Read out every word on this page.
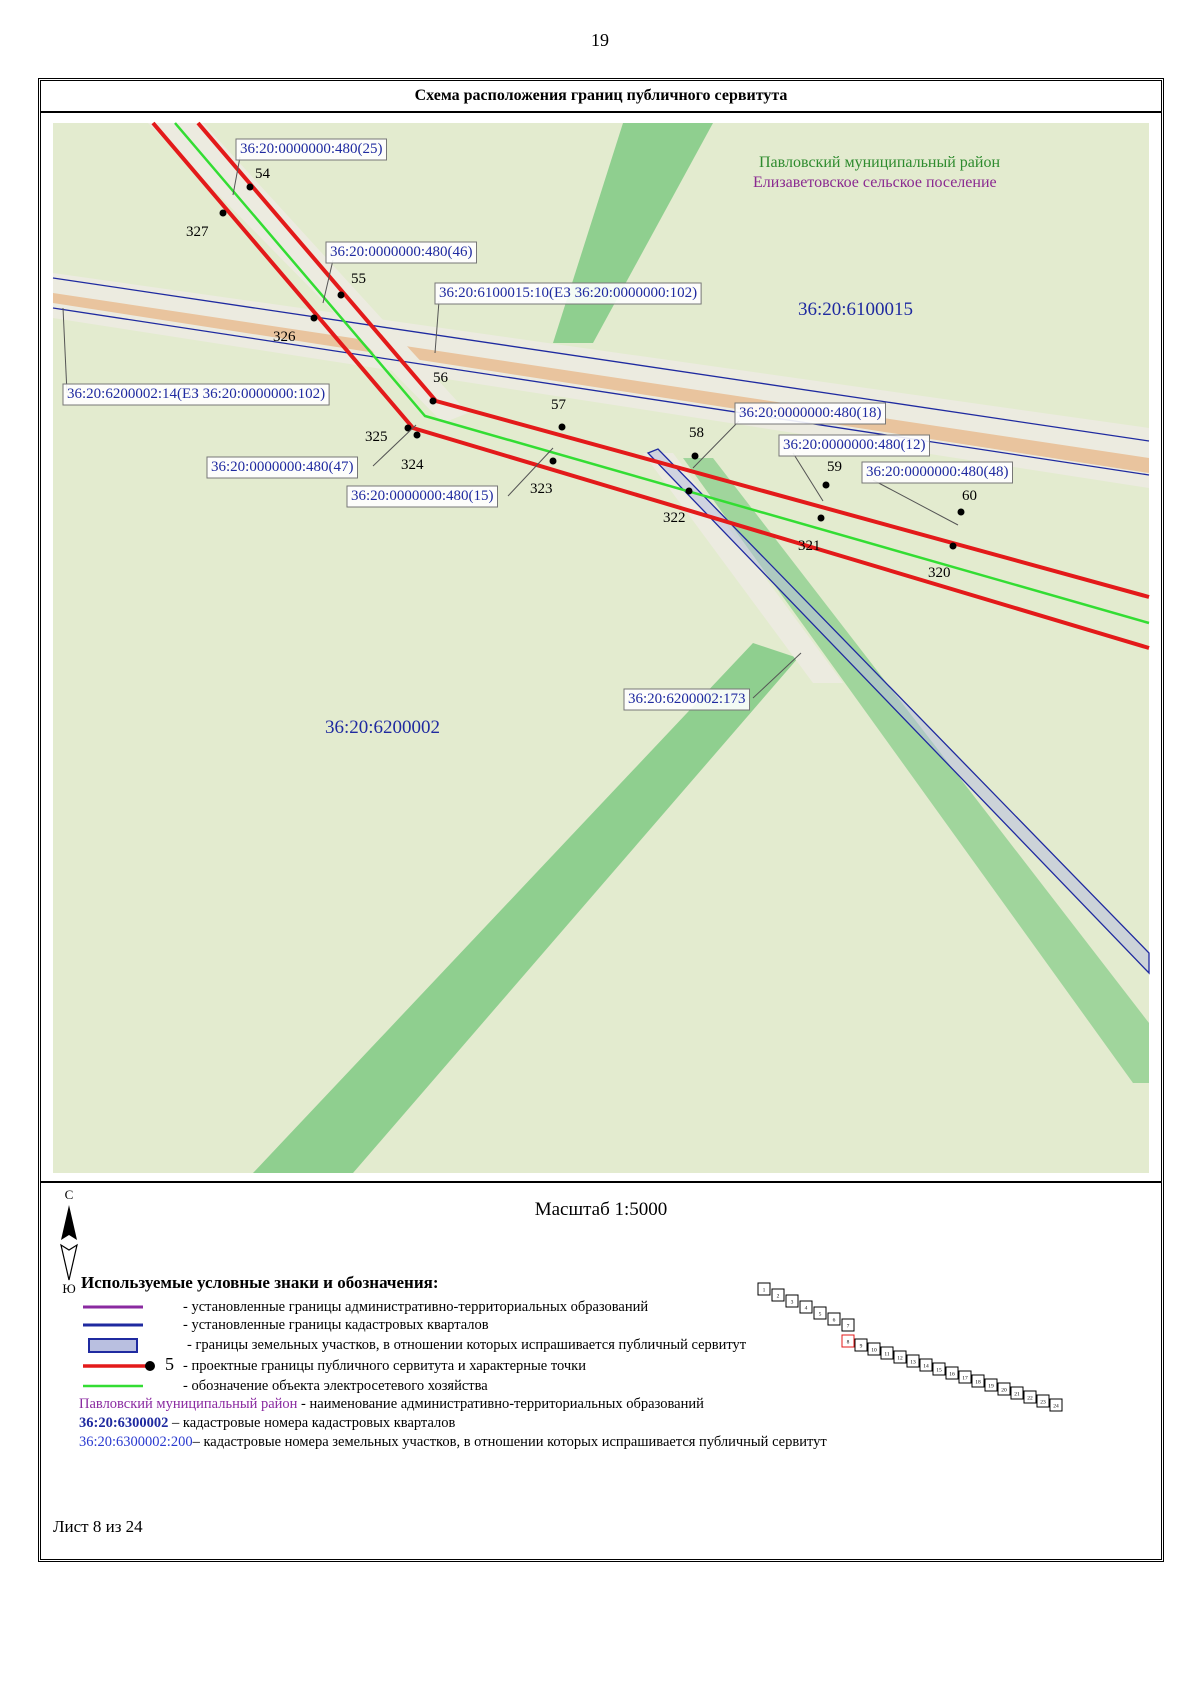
19
Схема расположения границ публичного сервитута
36:20:6100015
36:20:6200002
Павловский муниципальный район
Елизаветовское сельское поселение
36:20:0000000:480(25)
36:20:0000000:480(46)
36:20:6100015:10(ЕЗ 36:20:0000000:102)
36:20:6200002:14(ЕЗ 36:20:0000000:102)
36:20:0000000:480(47)
36:20:0000000:480(15)
36:20:0000000:480(18)
36:20:0000000:480(12)
36:20:0000000:480(48)
36:20:6200002:173
54
55
56
57
58
59
60
327
326
325
324
323
322
321
320
Масштаб 1:5000
С
Ю Используемые условные знаки и обозначения:
- установленные границы административно-территориальных образований
- установленные границы кадастровых кварталов
- границы земельных участков, в отношении которых испрашивается публичный сервитут
5 - проектные границы публичного сервитута и характерные точки
- обозначение объекта электросетевого хозяйства
Павловский муниципальный район - наименование административно-территориальных образований
36:20:6300002 – кадастровые номера кадастровых кварталов
36:20:6300002:200– кадастровые номера земельных участков, в отношении которых испрашивается публичный сервитут
1
2
3
4
5
6
7
8
9
10
11
12
13
14
15
16
17
18
19
20
21
22
23
24
Лист 8 из 24
